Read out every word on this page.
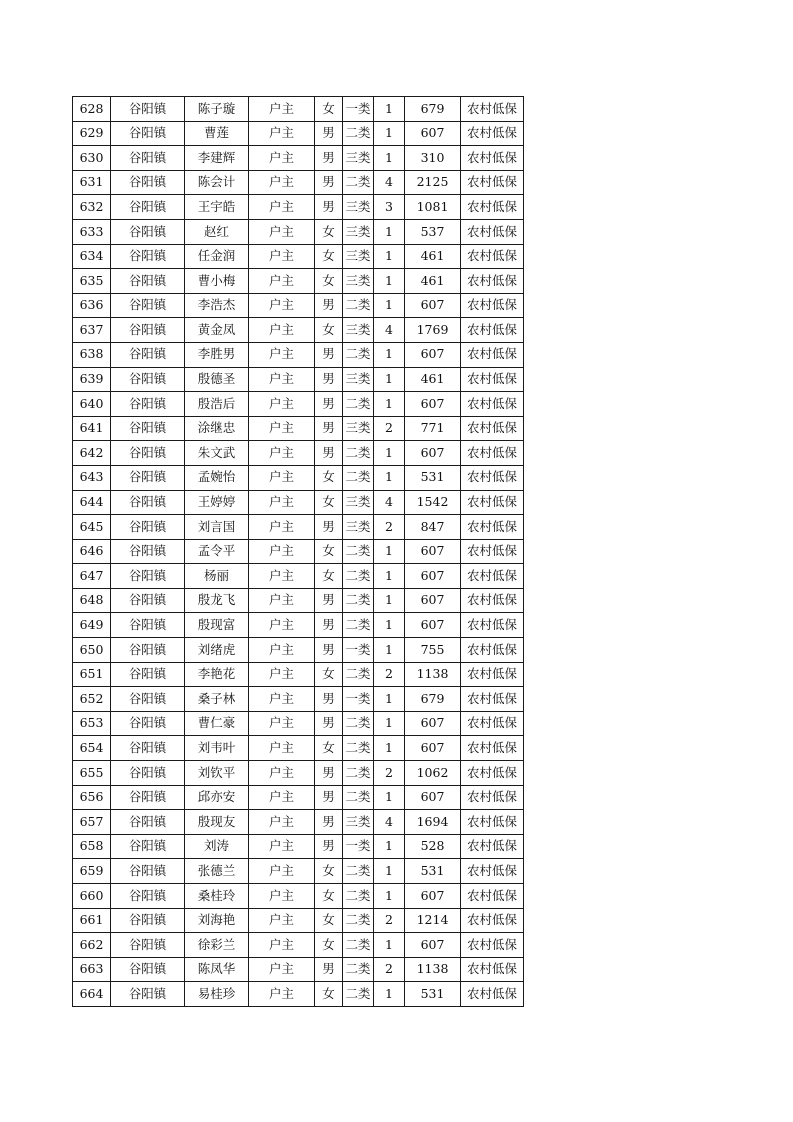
628	谷阳镇	陈子璇	户主	女	一类	1	679	农村低保
629	谷阳镇	曹莲	户主	男	二类	1	607	农村低保
630	谷阳镇	李建辉	户主	男	三类	1	310	农村低保
631	谷阳镇	陈会计	户主	男	二类	4	2125	农村低保
632	谷阳镇	王宇皓	户主	男	三类	3	1081	农村低保
633	谷阳镇	赵红	户主	女	三类	1	537	农村低保
634	谷阳镇	任金润	户主	女	三类	1	461	农村低保
635	谷阳镇	曹小梅	户主	女	三类	1	461	农村低保
636	谷阳镇	李浩杰	户主	男	二类	1	607	农村低保
637	谷阳镇	黄金凤	户主	女	三类	4	1769	农村低保
638	谷阳镇	李胜男	户主	男	二类	1	607	农村低保
639	谷阳镇	殷德圣	户主	男	三类	1	461	农村低保
640	谷阳镇	殷浩后	户主	男	二类	1	607	农村低保
641	谷阳镇	涂继忠	户主	男	三类	2	771	农村低保
642	谷阳镇	朱文武	户主	男	二类	1	607	农村低保
643	谷阳镇	孟婉怡	户主	女	二类	1	531	农村低保
644	谷阳镇	王婷婷	户主	女	三类	4	1542	农村低保
645	谷阳镇	刘言国	户主	男	三类	2	847	农村低保
646	谷阳镇	孟令平	户主	女	二类	1	607	农村低保
647	谷阳镇	杨丽	户主	女	二类	1	607	农村低保
648	谷阳镇	殷龙飞	户主	男	二类	1	607	农村低保
649	谷阳镇	殷现富	户主	男	二类	1	607	农村低保
650	谷阳镇	刘绪虎	户主	男	一类	1	755	农村低保
651	谷阳镇	李艳花	户主	女	二类	2	1138	农村低保
652	谷阳镇	桑子林	户主	男	一类	1	679	农村低保
653	谷阳镇	曹仁豪	户主	男	二类	1	607	农村低保
654	谷阳镇	刘韦叶	户主	女	二类	1	607	农村低保
655	谷阳镇	刘钦平	户主	男	二类	2	1062	农村低保
656	谷阳镇	邱亦安	户主	男	二类	1	607	农村低保
657	谷阳镇	殷现友	户主	男	三类	4	1694	农村低保
658	谷阳镇	刘涛	户主	男	一类	1	528	农村低保
659	谷阳镇	张德兰	户主	女	二类	1	531	农村低保
660	谷阳镇	桑桂玲	户主	女	二类	1	607	农村低保
661	谷阳镇	刘海艳	户主	女	二类	2	1214	农村低保
662	谷阳镇	徐彩兰	户主	女	二类	1	607	农村低保
663	谷阳镇	陈凤华	户主	男	二类	2	1138	农村低保
664	谷阳镇	易桂珍	户主	女	二类	1	531	农村低保
